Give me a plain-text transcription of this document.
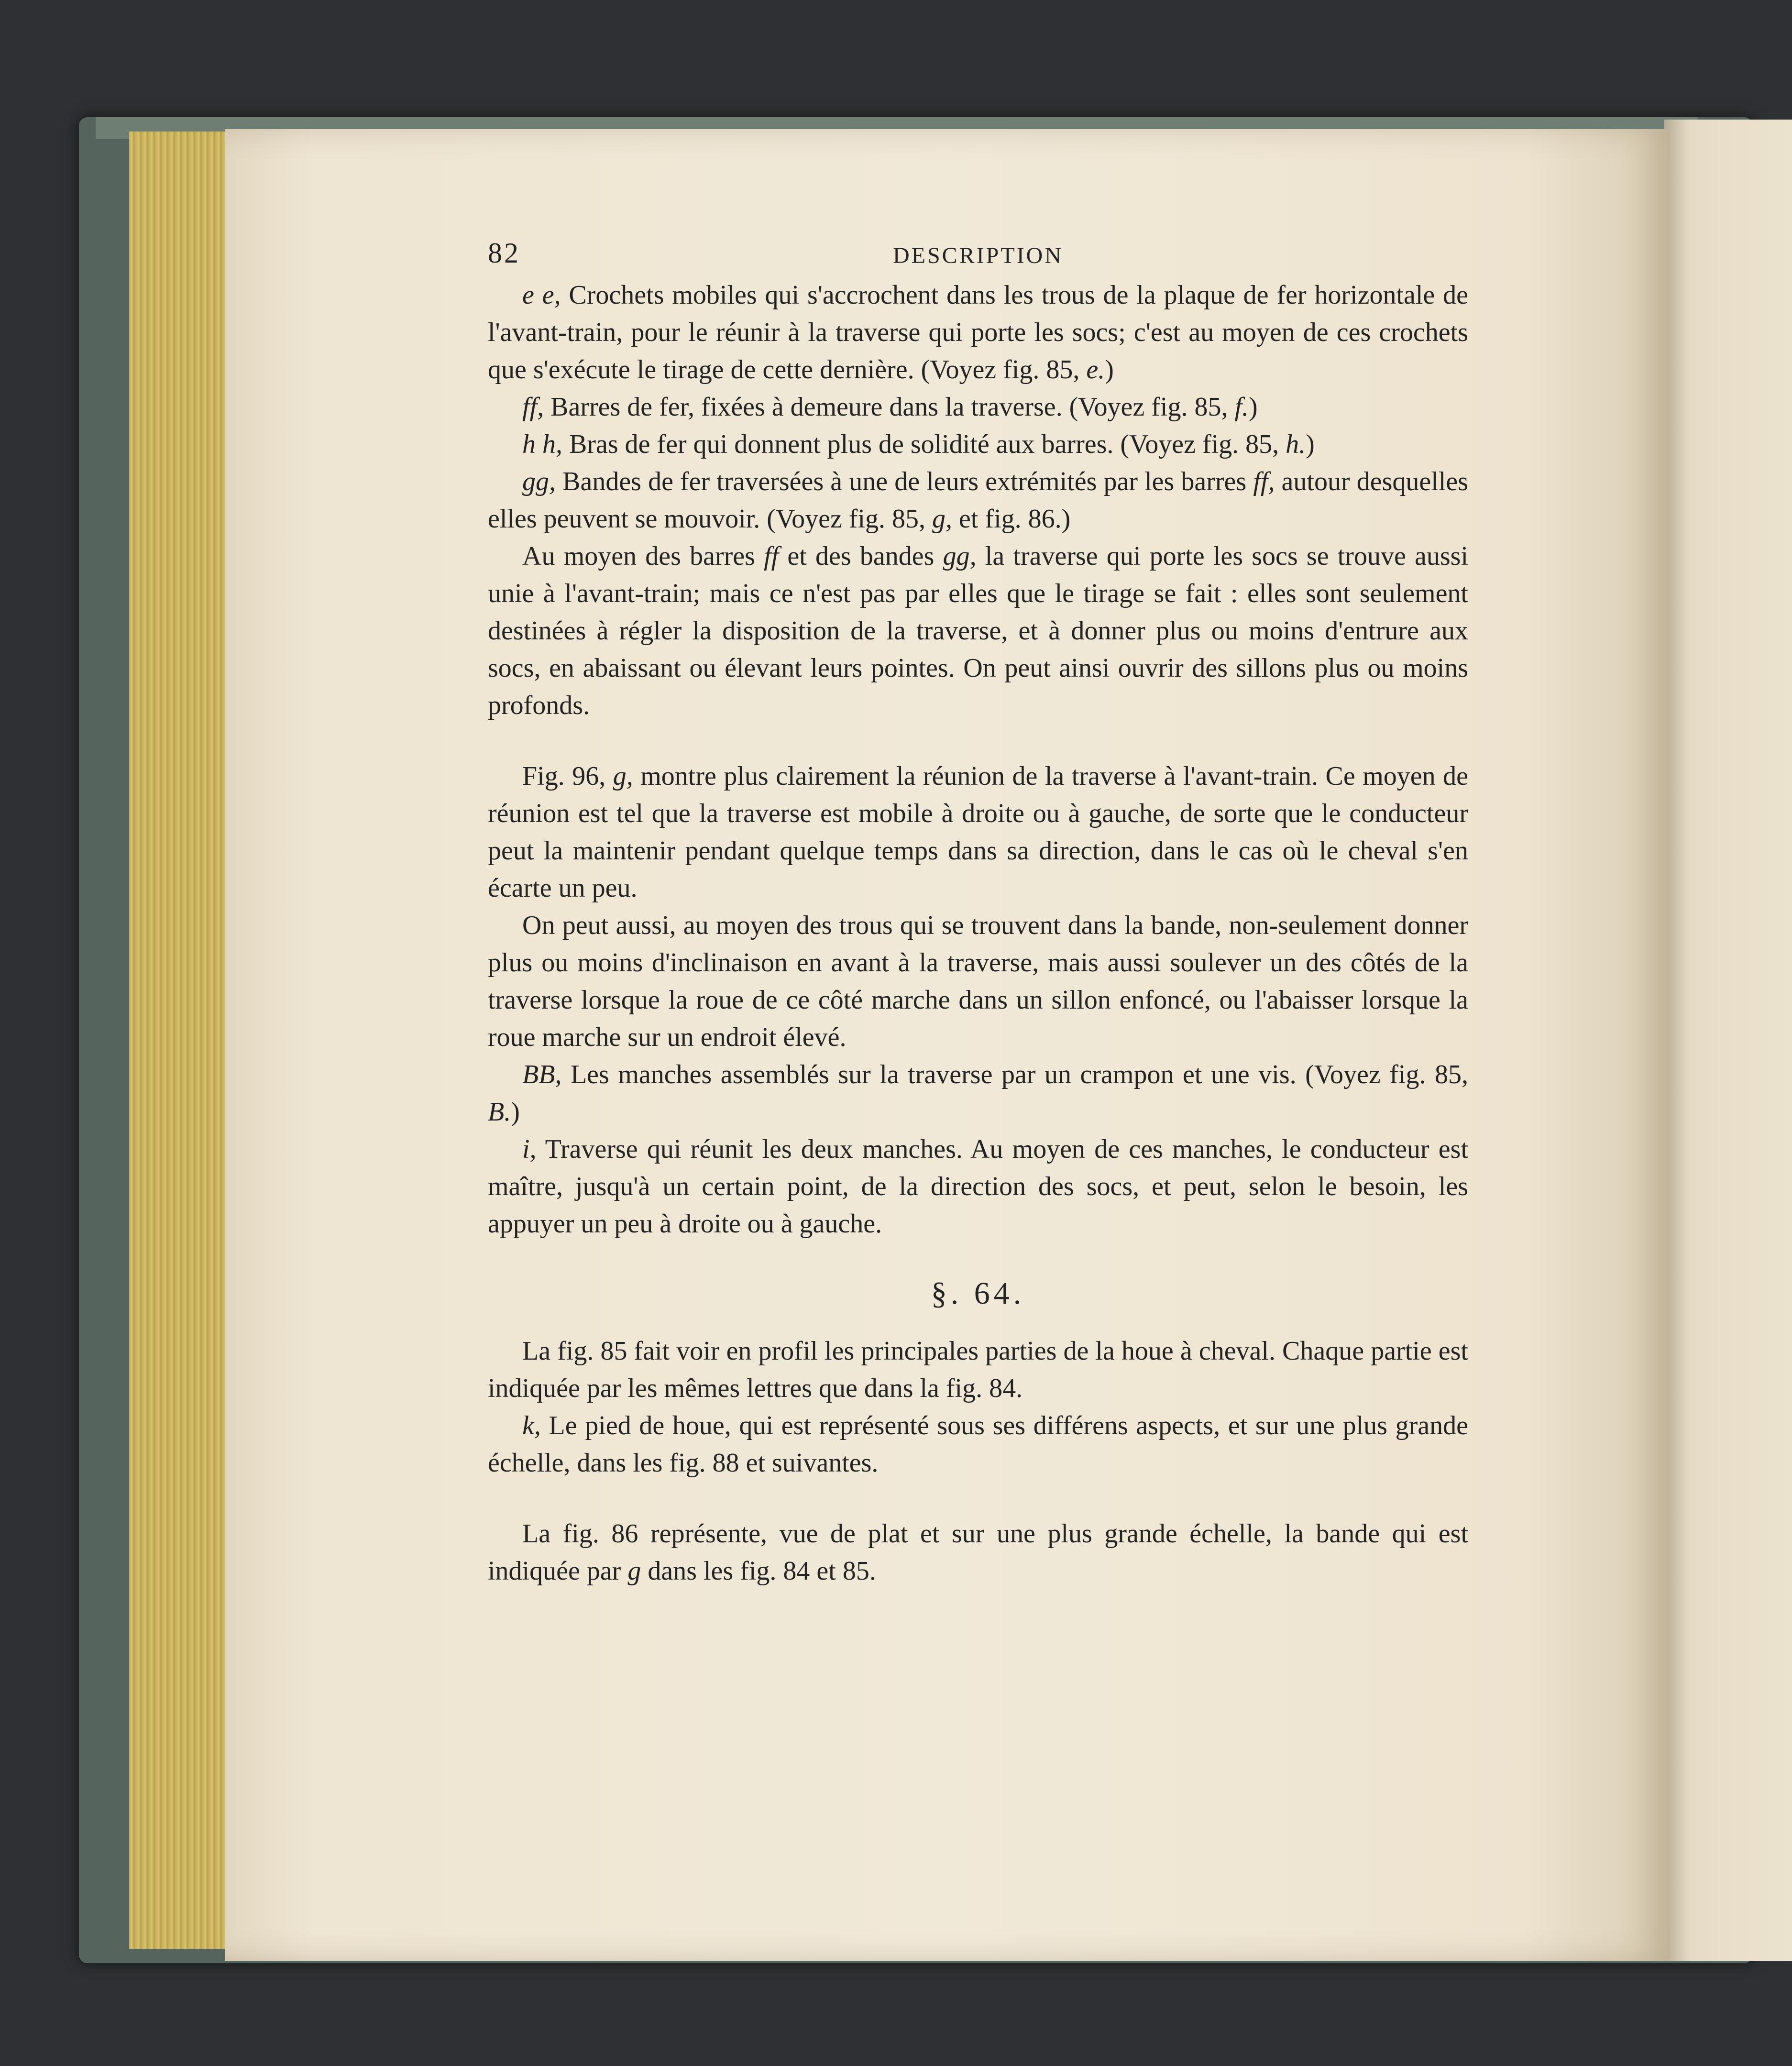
82	DESCRIPTION

e e, Crochets mobiles qui s'accrochent dans les trous de la plaque de fer horizontale de l'avant-train, pour le réunir à la traverse qui porte les socs; c'est au moyen de ces crochets que s'exécute le tirage de cette dernière. (Voyez fig. 85, e.)

ff, Barres de fer, fixées à demeure dans la traverse. (Voyez fig. 85, f.)

h h, Bras de fer qui donnent plus de solidité aux barres. (Voyez fig. 85, h.)

gg, Bandes de fer traversées à une de leurs extrémités par les barres ff, autour desquelles elles peuvent se mouvoir. (Voyez fig. 85, g, et fig. 86.)

Au moyen des barres ff et des bandes gg, la traverse qui porte les socs se trouve aussi unie à l'avant-train; mais ce n'est pas par elles que le tirage se fait : elles sont seulement destinées à régler la disposition de la traverse, et à donner plus ou moins d'entrure aux socs, en abaissant ou élevant leurs pointes. On peut ainsi ouvrir des sillons plus ou moins profonds.

Fig. 96, g, montre plus clairement la réunion de la traverse à l'avant-train. Ce moyen de réunion est tel que la traverse est mobile à droite ou à gauche, de sorte que le conducteur peut la maintenir pendant quelque temps dans sa direction, dans le cas où le cheval s'en écarte un peu.

On peut aussi, au moyen des trous qui se trouvent dans la bande, non-seulement donner plus ou moins d'inclinaison en avant à la traverse, mais aussi soulever un des côtés de la traverse lorsque la roue de ce côté marche dans un sillon enfoncé, ou l'abaisser lorsque la roue marche sur un endroit élevé.

BB, Les manches assemblés sur la traverse par un crampon et une vis. (Voyez fig. 85, B.)

i, Traverse qui réunit les deux manches. Au moyen de ces manches, le conducteur est maître, jusqu'à un certain point, de la direction des socs, et peut, selon le besoin, les appuyer un peu à droite ou à gauche.

§. 64.

La fig. 85 fait voir en profil les principales parties de la houe à cheval. Chaque partie est indiquée par les mêmes lettres que dans la fig. 84.

k, Le pied de houe, qui est représenté sous ses différens aspects, et sur une plus grande échelle, dans les fig. 88 et suivantes.

La fig. 86 représente, vue de plat et sur une plus grande échelle, la bande qui est indiquée par g dans les fig. 84 et 85.
